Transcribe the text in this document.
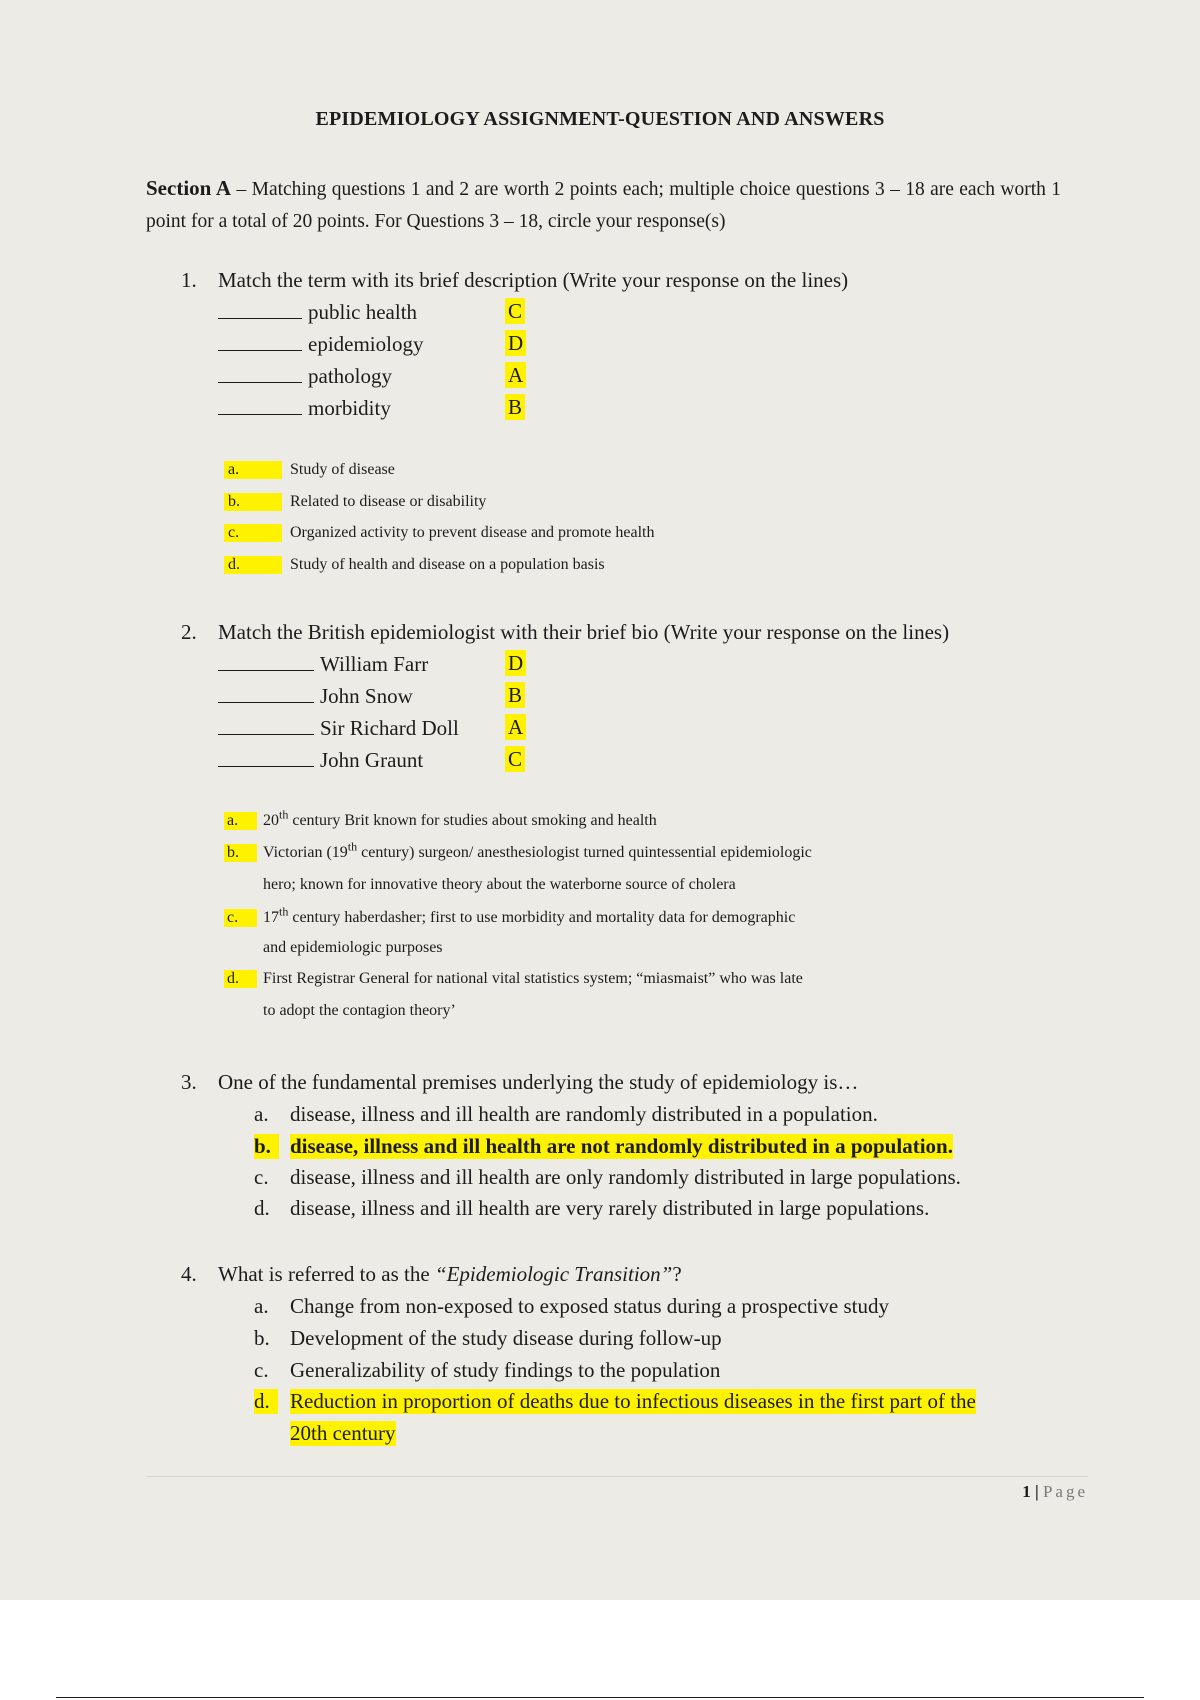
EPIDEMIOLOGY ASSIGNMENT-QUESTION AND ANSWERS
Section A – Matching questions 1 and 2 are worth 2 points each; multiple choice questions 3 – 18 are each worth 1 point for a total of 20 points. For Questions 3 – 18, circle your response(s)
1. Match the term with its brief description (Write your response on the lines)
public health	C
epidemiology	D
pathology	A
morbidity	B
a.	Study of disease
b.	Related to disease or disability
c.	Organized activity to prevent disease and promote health
d.	Study of health and disease on a population basis
2. Match the British epidemiologist with their brief bio (Write your response on the lines)
William Farr	D
John Snow	B
Sir Richard Doll A
John Graunt	C
a.	20th century Brit known for studies about smoking and health
b.	Victorian (19th century) surgeon/ anesthesiologist turned quintessential epidemiologic
hero; known for innovative theory about the waterborne source of cholera
c.	17th century haberdasher; first to use morbidity and mortality data for demographic
and epidemiologic purposes
d.	First Registrar General for national vital statistics system; “miasmaist” who was late
to adopt the contagion theory’
3. One of the fundamental premises underlying the study of epidemiology is…
a. disease, illness and ill health are randomly distributed in a population.
b. disease, illness and ill health are not randomly distributed in a population.
c. disease, illness and ill health are only randomly distributed in large populations.
d. disease, illness and ill health are very rarely distributed in large populations.
4. What is referred to as the “Epidemiologic Transition”?
a. Change from non-exposed to exposed status during a prospective study
b. Development of the study disease during follow-up
c. Generalizability of study findings to the population
d. Reduction in proportion of deaths due to infectious diseases in the first part of the
20th century
1 | Page
